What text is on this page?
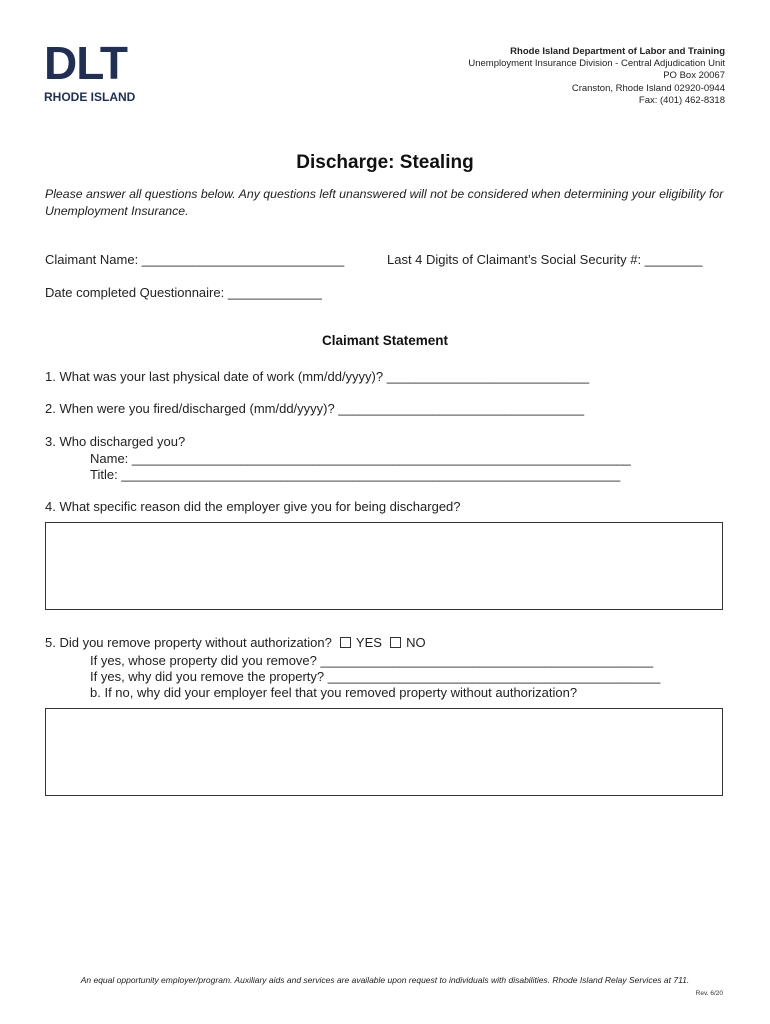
DLT
RHODE ISLAND
Rhode Island Department of Labor and Training
Unemployment Insurance Division - Central Adjudication Unit
PO Box 20067
Cranston, Rhode Island 02920-0944
Fax: (401) 462-8318
Discharge: Stealing
Please answer all questions below. Any questions left unanswered will not be considered when determining your eligibility for Unemployment Insurance.
Claimant Name: ____________________________	Last 4 Digits of Claimant’s Social Security #: ________
Date completed Questionnaire: _____________
Claimant Statement
1. What was your last physical date of work (mm/dd/yyyy)? ____________________________
2. When were you fired/discharged (mm/dd/yyyy)? __________________________________
3. Who discharged you?
Name: _____________________________________________________________________
Title: _____________________________________________________________________
4. What specific reason did the employer give you for being discharged?
5. Did you remove property without authorization? YES NO
If yes, whose property did you remove? ______________________________________________
If yes, why did you remove the property? ______________________________________________
b. If no, why did your employer feel that you removed property without authorization?
An equal opportunity employer/program. Auxiliary aids and services are available upon request to individuals with disabilities. Rhode Island Relay Services at 711.
Rev. 6/20
